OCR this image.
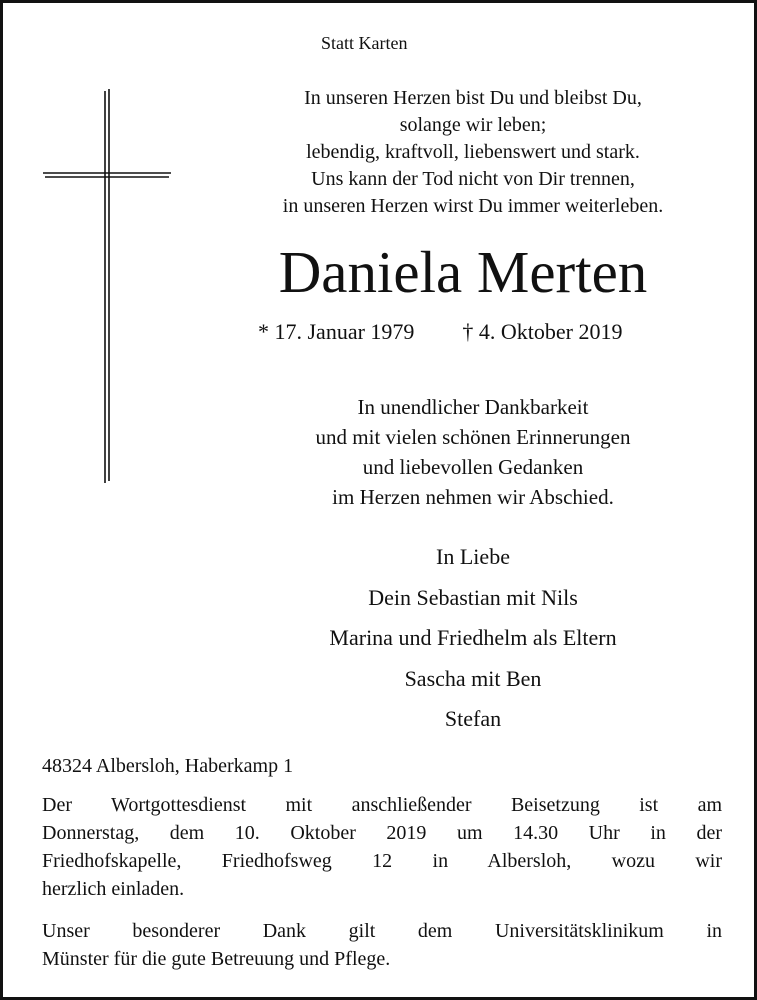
Statt Karten
In unseren Herzen bist Du und bleibst Du,
solange wir leben;
lebendig, kraftvoll, liebenswert und stark.
Uns kann der Tod nicht von Dir trennen,
in unseren Herzen wirst Du immer weiterleben.
Daniela Merten
* 17. Januar 1979 † 4. Oktober 2019
In unendlicher Dankbarkeit
und mit vielen schönen Erinnerungen
und liebevollen Gedanken
im Herzen nehmen wir Abschied.
In Liebe
Dein Sebastian mit Nils
Marina und Friedhelm als Eltern
Sascha mit Ben
Stefan
48324 Albersloh, Haberkamp 1
Der Wortgottesdienst mit anschließender Beisetzung ist am
Donnerstag, dem 10. Oktober 2019 um 14.30 Uhr in der
Friedhofskapelle, Friedhofsweg 12 in Albersloh, wozu wir
herzlich einladen.
Unser besonderer Dank gilt dem Universitätsklinikum in
Münster für die gute Betreuung und Pflege.
